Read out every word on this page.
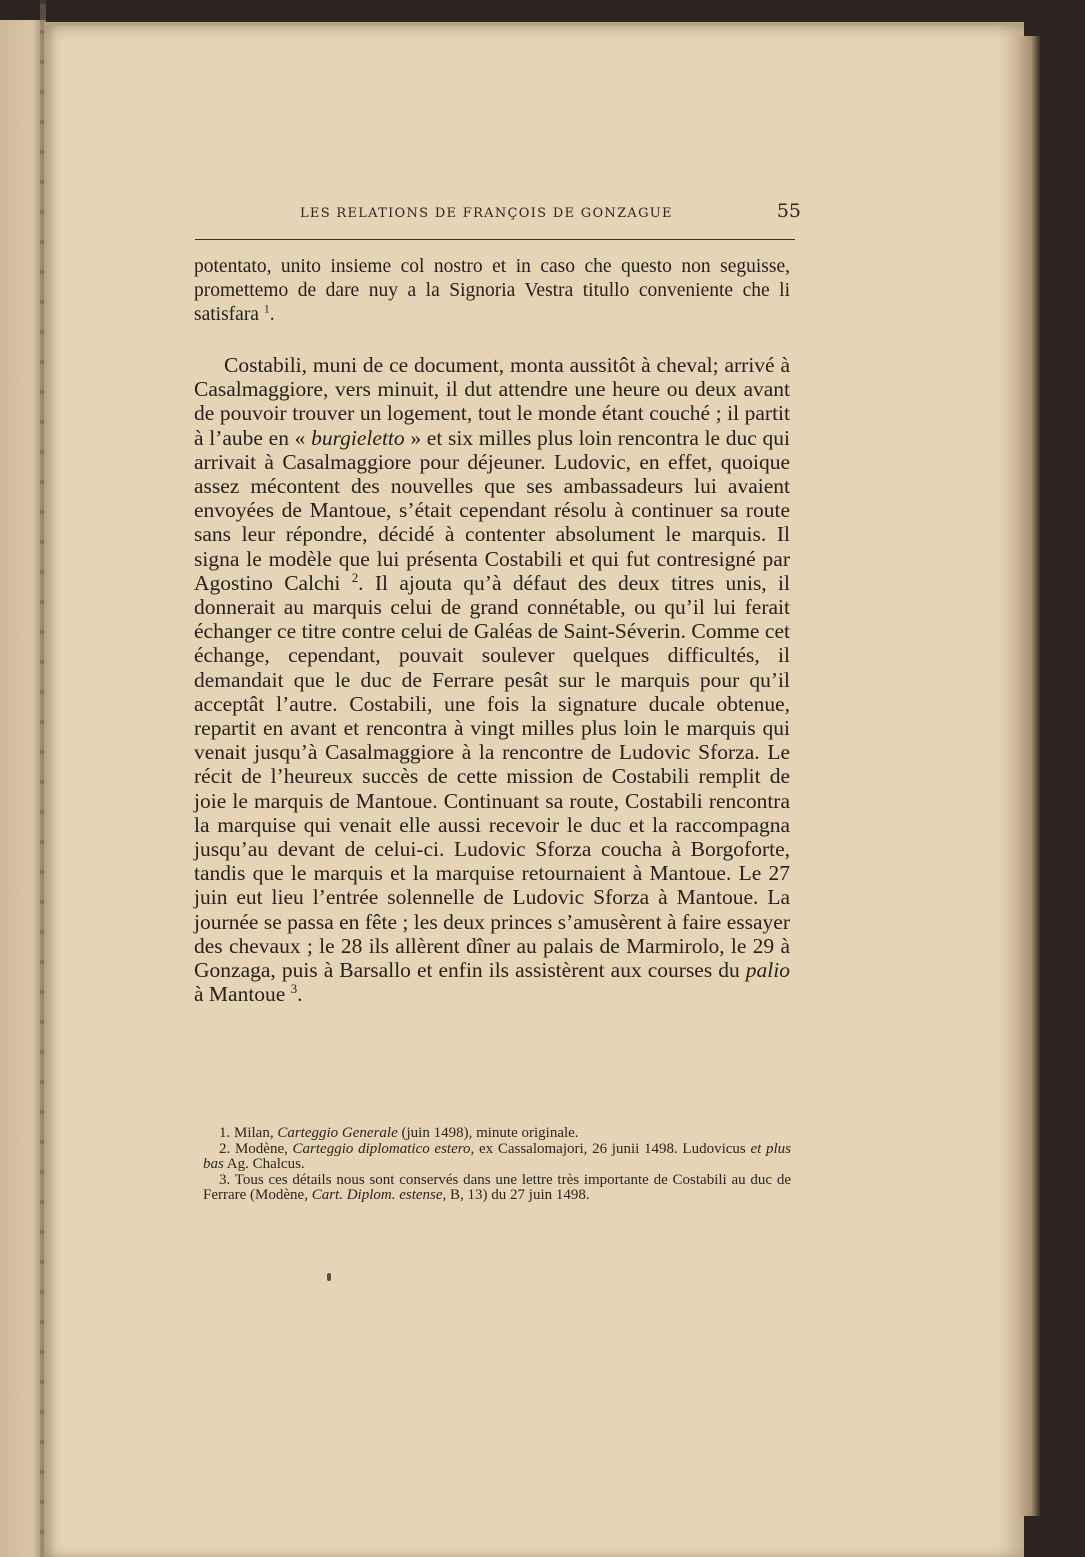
LES RELATIONS DE FRANÇOIS DE GONZAGUE	55

potentato, unito insieme col nostro et in caso che questo non seguisse, promettemo de dare nuy a la Signoria Vestra titullo conveniente che li satisfara $^1$.

Costabili, muni de ce document, monta aussitôt à cheval; arrivé à Casalmaggiore, vers minuit, il dut attendre une heure ou deux avant de pouvoir trouver un logement, tout le monde étant couché ; il partit à l’aube en « burgieletto » et six milles plus loin rencontra le duc qui arrivait à Casalmaggiore pour déjeuner. Ludovic, en effet, quoique assez mécontent des nouvelles que ses ambassadeurs lui avaient envoyées de Mantoue, s’était cependant résolu à continuer sa route sans leur répondre, décidé à contenter absolument le marquis. Il signa le modèle que lui présenta Costabili et qui fut contresigné par Agostino Calchi $^2$. Il ajouta qu’à défaut des deux titres unis, il donnerait au marquis celui de grand connétable, ou qu’il lui ferait échanger ce titre contre celui de Galéas de Saint-Séverin. Comme cet échange, cependant, pouvait soulever quelques difficultés, il demandait que le duc de Ferrare pesât sur le marquis pour qu’il acceptât l’autre. Costabili, une fois la signature ducale obtenue, repartit en avant et rencontra à vingt milles plus loin le marquis qui venait jusqu’à Casalmaggiore à la rencontre de Ludovic Sforza. Le récit de l’heureux succès de cette mission de Costabili remplit de joie le marquis de Mantoue. Continuant sa route, Costabili rencontra la marquise qui venait elle aussi recevoir le duc et la raccompagna jusqu’au devant de celui-ci. Ludovic Sforza coucha à Borgoforte, tandis que le marquis et la marquise retournaient à Mantoue. Le 27 juin eut lieu l’entrée solennelle de Ludovic Sforza à Mantoue. La journée se passa en fête ; les deux princes s’amusèrent à faire essayer des chevaux ; le 28 ils allèrent dîner au palais de Marmirolo, le 29 à Gonzaga, puis à Barsallo et enfin ils assistèrent aux courses du palio à Mantoue $^3$.

1. Milan, Carteggio Generale (juin 1498), minute originale.

2. Modène, Carteggio diplomatico estero, ex Cassalomajori, 26 junii 1498. Ludovicus et plus bas Ag. Chalcus.

3. Tous ces détails nous sont conservés dans une lettre très importante de Costabili au duc de Ferrare (Modène, Cart. Diplom. estense, B, 13) du 27 juin 1498.
